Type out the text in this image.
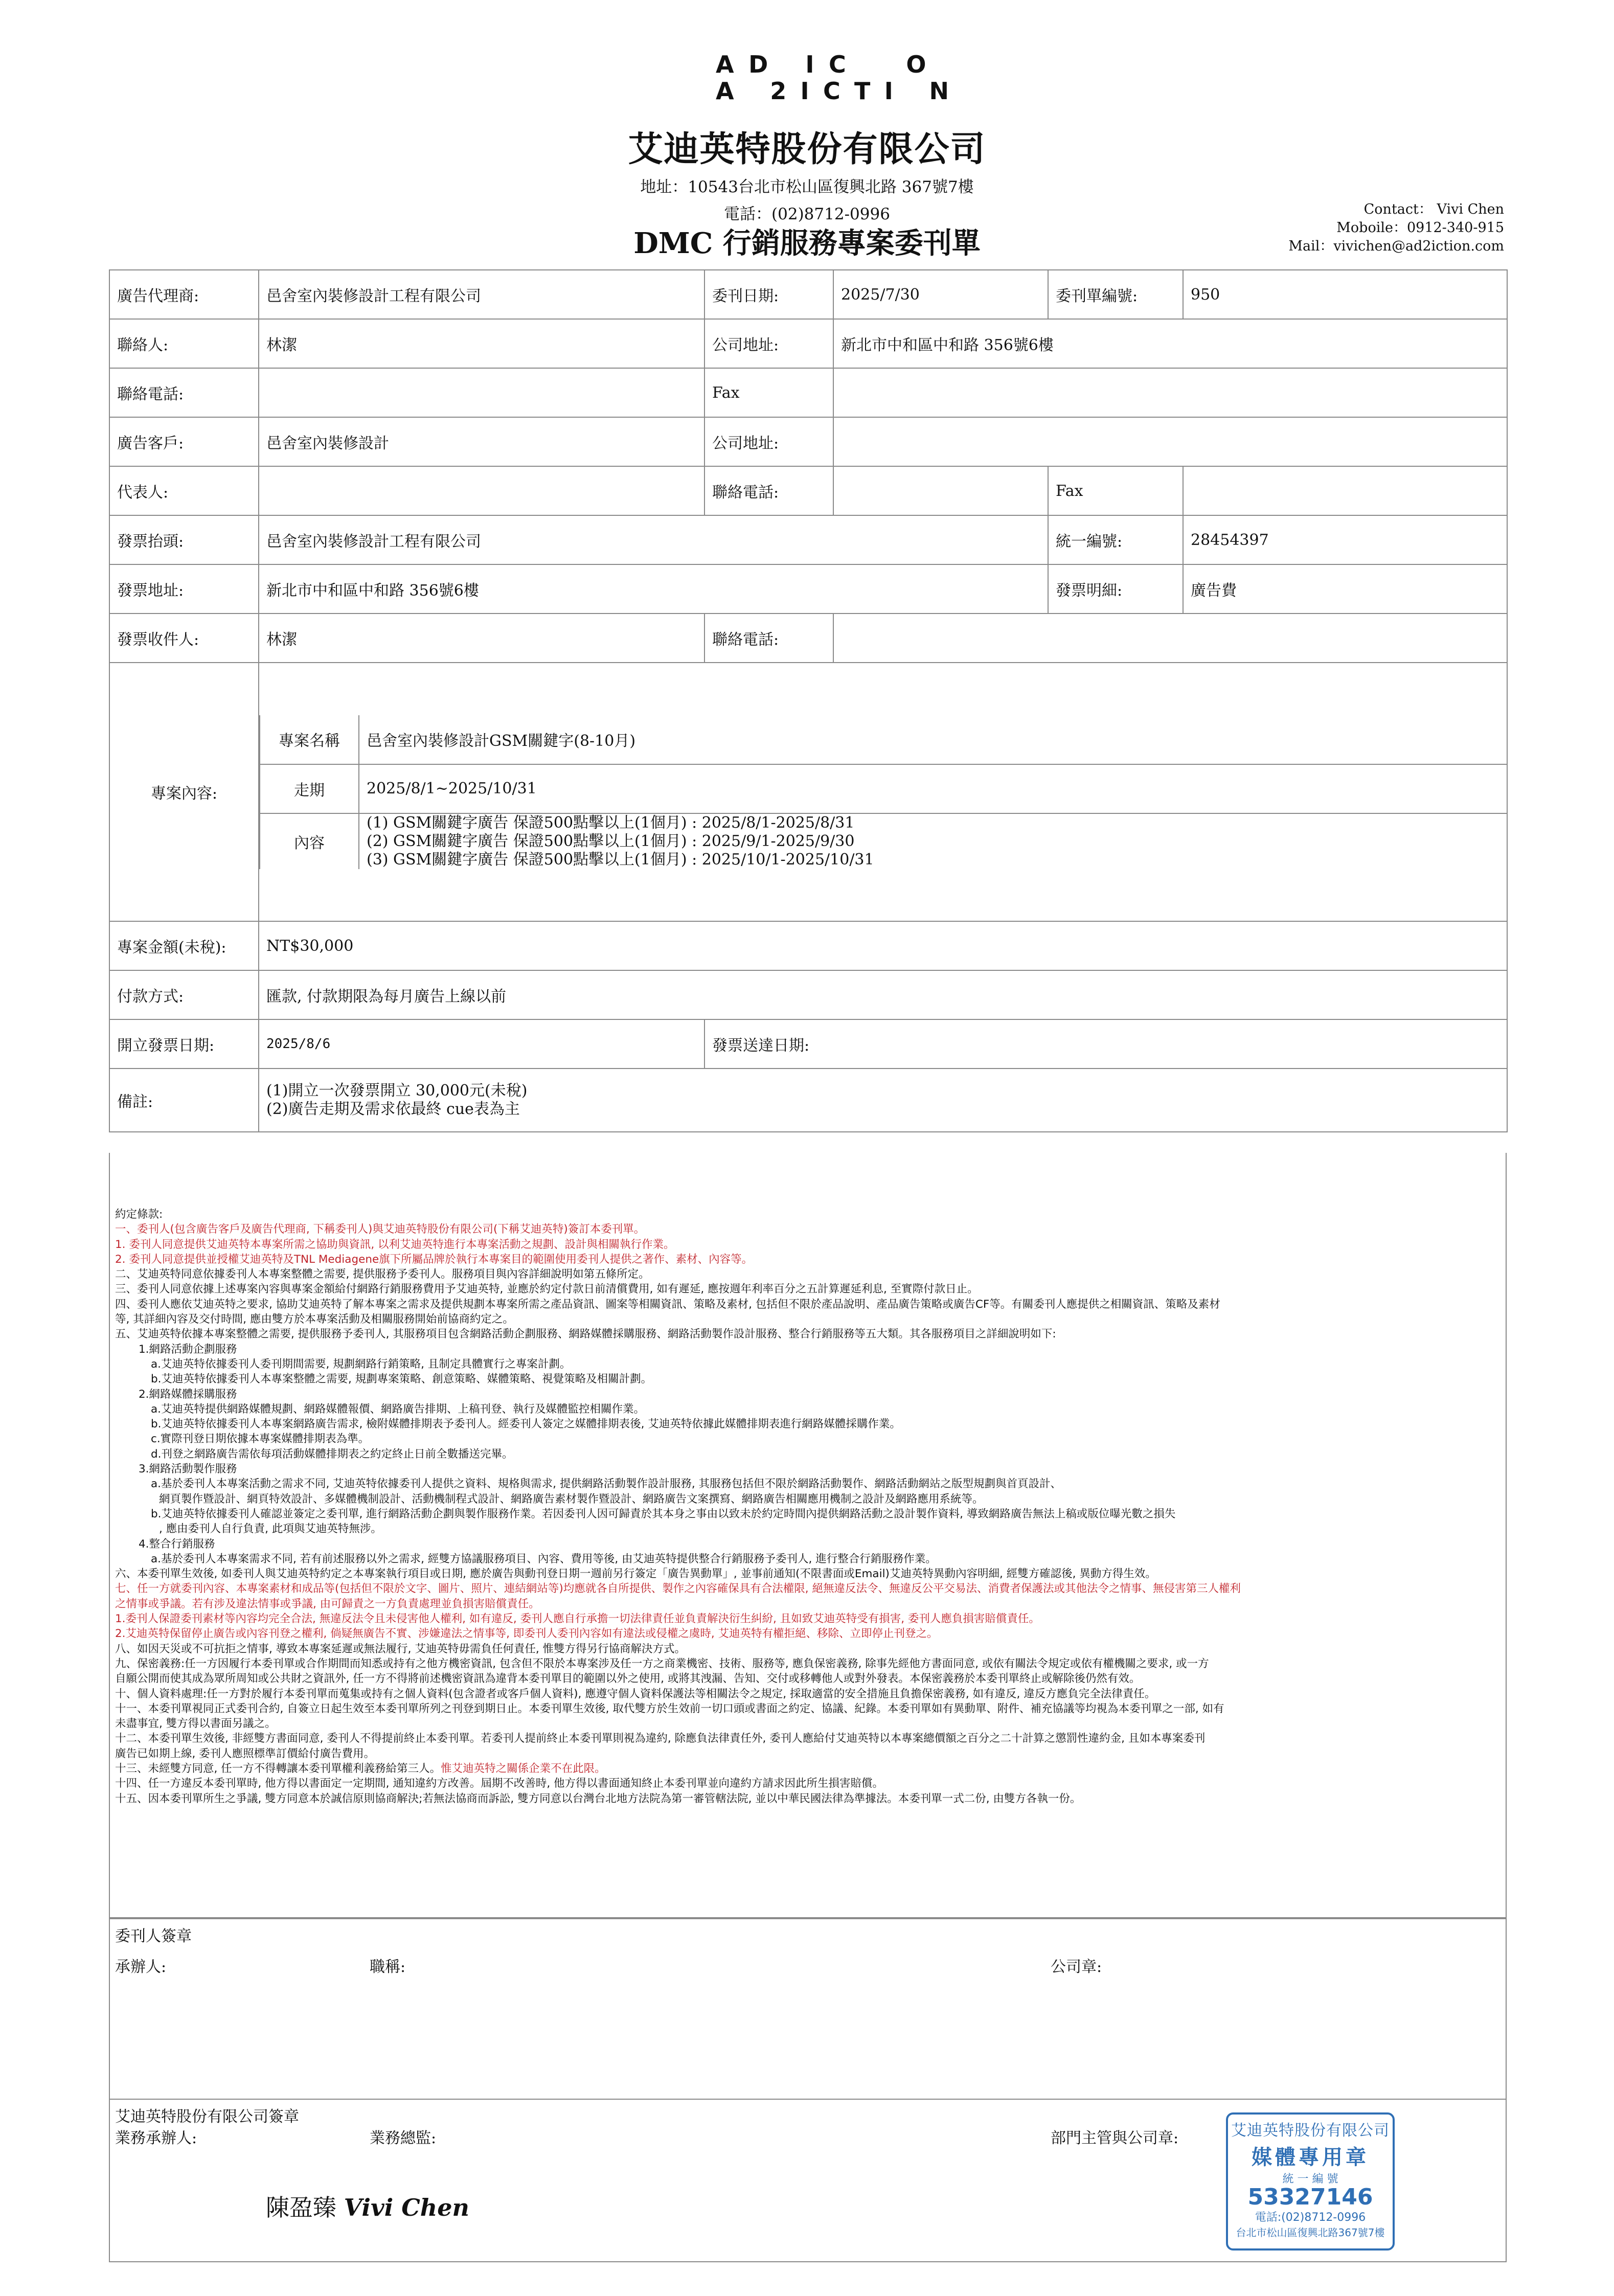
A D
I C

O

A
2 I C T I
N
艾迪英特股份有限公司
地址：10543台北市松山區復興北路 367號7樓
電話：(02)8712-0996
DMC 行銷服務專案委刊單
Contact： Vivi Chen
Moboile：0912-340-915
Mail：vivichen@ad2iction.com
廣告代理商:	邑舍室內裝修設計工程有限公司	委刊日期:	2025/7/30	委刊單編號:	950
聯絡人:	林潔	公司地址:	新北市中和區中和路 356號6樓
聯絡電話:		Fax	
廣告客戶:	邑舍室內裝修設計	公司地址:	
代表人:		聯絡電話:		Fax	
發票抬頭:	邑舍室內裝修設計工程有限公司	統一編號:	28454397
發票地址:	新北市中和區中和路 356號6樓	發票明細:	廣告費
發票收件人:	林潔	聯絡電話:	
專案內容:	
專案名稱	邑舍室內裝修設計GSM關鍵字(8-10月)
走期	2025/8/1~2025/10/31
內容	
(1) GSM關鍵字廣告 保證500點擊以上(1個月) : 2025/8/1-2025/8/31
(2) GSM關鍵字廣告 保證500點擊以上(1個月) : 2025/9/1-2025/9/30
(3) GSM關鍵字廣告 保證500點擊以上(1個月) : 2025/10/1-2025/10/31

專案金額(未稅):	NT$30,000
付款方式:	匯款, 付款期限為每月廣告上線以前
開立發票日期:	2025/8/6	發票送達日期:	
備註:	
(1)開立一次發票開立 30,000元(未稅)
(2)廣告走期及需求依最終 cue表為主
約定條款:
一、委刊人(包含廣告客戶及廣告代理商, 下稱委刊人)與艾迪英特股份有限公司(下稱艾迪英特)簽訂本委刊單。
1. 委刊人同意提供艾迪英特本專案所需之協助與資訊, 以利艾迪英特進行本專案活動之規劃、設計與相關執行作業。
2. 委刊人同意提供並授權艾迪英特及TNL Mediagene旗下所屬品牌於執行本專案目的範圍使用委刊人提供之著作、素材、內容等。
二、艾迪英特同意依據委刊人本專案整體之需要, 提供服務予委刊人。服務項目與內容詳細說明如第五條所定。
三、委刊人同意依據上述專案內容與專案金額給付網路行銷服務費用予艾迪英特, 並應於約定付款日前清償費用, 如有遲延, 應按週年利率百分之五計算遲延利息, 至實際付款日止。
四、委刊人應依艾迪英特之要求, 協助艾迪英特了解本專案之需求及提供規劃本專案所需之產品資訊、圖案等相關資訊、策略及素材, 包括但不限於產品說明、產品廣告策略或廣告CF等。有關委刊人應提供之相關資訊、策略及素材
等, 其詳細內容及交付時間, 應由雙方於本專案活動及相關服務開始前協商約定之。
五、艾迪英特依據本專案整體之需要, 提供服務予委刊人, 其服務項目包含網路活動企劃服務、網路媒體採購服務、網路活動製作設計服務、整合行銷服務等五大類。其各服務項目之詳細說明如下:
1.網路活動企劃服務
a.艾迪英特依據委刊人委刊期間需要, 規劃網路行銷策略, 且制定具體實行之專案計劃。
b.艾迪英特依據委刊人本專案整體之需要, 規劃專案策略、創意策略、媒體策略、視覺策略及相關計劃。
2.網路媒體採購服務
a.艾迪英特提供網路媒體規劃、網路媒體報價、網路廣告排期、上稿刊登、執行及媒體監控相關作業。
b.艾迪英特依據委刊人本專案網路廣告需求, 檢附媒體排期表予委刊人。經委刊人簽定之媒體排期表後, 艾迪英特依據此媒體排期表進行網路媒體採購作業。
c.實際刊登日期依據本專案媒體排期表為準。
d.刊登之網路廣告需依每項活動媒體排期表之約定終止日前全數播送完畢。
3.網路活動製作服務
a.基於委刊人本專案活動之需求不同, 艾迪英特依據委刊人提供之資料、規格與需求, 提供網路活動製作設計服務, 其服務包括但不限於網路活動製作、網路活動網站之版型規劃與首頁設計、
網頁製作暨設計、網頁特效設計、多媒體機制設計、活動機制程式設計、網路廣告素材製作暨設計、網路廣告文案撰寫、網路廣告相關應用機制之設計及網路應用系統等。
b.艾迪英特依據委刊人確認並簽定之委刊單, 進行網路活動企劃與製作服務作業。若因委刊人因可歸責於其本身之事由以致未於約定時間內提供網路活動之設計製作資料, 導致網路廣告無法上稿或版位曝光數之損失
, 應由委刊人自行負責, 此項與艾迪英特無涉。
4.整合行銷服務
a.基於委刊人本專案需求不同, 若有前述服務以外之需求, 經雙方協議服務項目、內容、費用等後, 由艾迪英特提供整合行銷服務予委刊人, 進行整合行銷服務作業。
六、本委刊單生效後, 如委刊人與艾迪英特約定之本專案執行項目或日期, 應於廣告與動刊登日期一週前另行簽定「廣告異動單」, 並事前通知(不限書面或Email)艾迪英特異動內容明細, 經雙方確認後, 異動方得生效。
七、任一方就委刊內容、本專案素材和成品等(包括但不限於文字、圖片、照片、連結網站等)均應就各自所提供、製作之內容確保具有合法權限, 絕無違反法令、無違反公平交易法、消費者保護法或其他法令之情事、無侵害第三人權利
之情事或爭議。若有涉及違法情事或爭議, 由可歸責之一方負責處理並負損害賠償責任。
1.委刊人保證委刊素材等內容均完全合法, 無違反法令且未侵害他人權利, 如有違反, 委刊人應自行承擔一切法律責任並負責解決衍生糾紛, 且如致艾迪英特受有損害, 委刊人應負損害賠償責任。
2.艾迪英特保留停止廣告或內容刊登之權利, 倘疑無廣告不實、涉嫌違法之情事等, 即委刊人委刊內容如有違法或侵權之虞時, 艾迪英特有權拒絕、移除、立即停止刊登之。
八、如因天災或不可抗拒之情事, 導致本專案延遲或無法履行, 艾迪英特毋需負任何責任, 惟雙方得另行協商解決方式。
九、保密義務:任一方因履行本委刊單或合作期間而知悉或持有之他方機密資訊, 包含但不限於本專案涉及任一方之商業機密、技術、服務等, 應負保密義務, 除事先經他方書面同意, 或依有關法令規定或依有權機關之要求, 或一方
自願公開而使其成為眾所周知或公共財之資訊外, 任一方不得將前述機密資訊為違背本委刊單目的範圍以外之使用, 或將其洩漏、告知、交付或移轉他人或對外發表。本保密義務於本委刊單終止或解除後仍然有效。
十、個人資料處理:任一方對於履行本委刊單而蒐集或持有之個人資料(包含證者或客戶個人資料), 應遵守個人資料保護法等相關法令之規定, 採取適當的安全措施且負擔保密義務, 如有違反, 違反方應負完全法律責任。
十一、本委刊單視同正式委刊合約, 自簽立日起生效至本委刊單所列之刊登到期日止。本委刊單生效後, 取代雙方於生效前一切口頭或書面之約定、協議、紀錄。本委刊單如有異動單、附件、補充協議等均視為本委刊單之一部, 如有
未盡事宜, 雙方得以書面另議之。
十二、本委刊單生效後, 非經雙方書面同意, 委刊人不得提前終止本委刊單。若委刊人提前終止本委刊單則視為違約, 除應負法律責任外, 委刊人應給付艾迪英特以本專案總價額之百分之二十計算之懲罰性違約金, 且如本專案委刊
廣告已如期上線, 委刊人應照標準訂價給付廣告費用。
十三、未經雙方同意, 任一方不得轉讓本委刊單權利義務給第三人。惟艾迪英特之關係企業不在此限。
十四、任一方違反本委刊單時, 他方得以書面定一定期間, 通知違約方改善。屆期不改善時, 他方得以書面通知終止本委刊單並向違約方請求因此所生損害賠償。
十五、因本委刊單所生之爭議, 雙方同意本於誠信原則協商解決;若無法協商而訴訟, 雙方同意以台灣台北地方法院為第一審管轄法院, 並以中華民國法律為準據法。本委刊單一式二份, 由雙方各執一份。
委刊人簽章
承辦人:	職稱:	公司章:
艾迪英特股份有限公司簽章
業務承辦人:	業務總監:	部門主管與公司章:
陳盈臻 Vivi Chen
艾迪英特股份有限公司
媒體專用章
統 一 編 號
53327146
電話:(02)8712-0996
台北市松山區復興北路367號7樓
